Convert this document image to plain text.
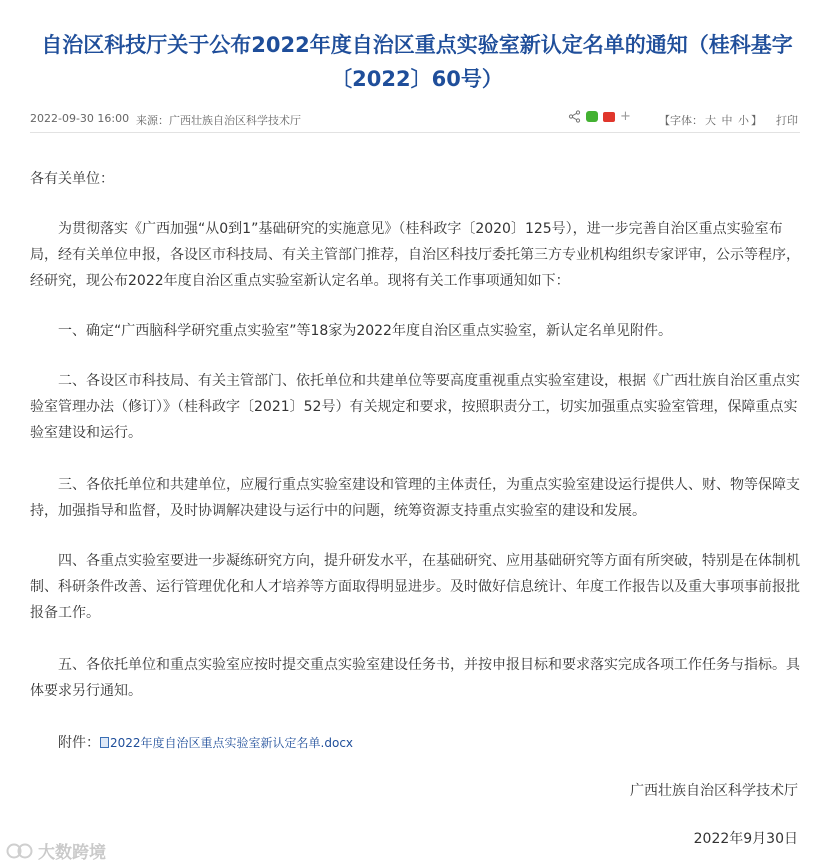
自治区科技厅关于公布2022年度自治区重点实验室新认定名单的通知（桂科基字〔2022〕60号）
2022-09-30 16:00 来源：广西壮族自治区科学技术厅	+	【字体： 大 中 小 】 打印

各有关单位：

为贯彻落实《广西加强“从0到1”基础研究的实施意见》（桂科政字〔2020〕125号），进一步完善自治区重点实验室布局，经有关单位申报，各设区市科技局、有关主管部门推荐，自治区科技厅委托第三方专业机构组织专家评审，公示等程序，经研究，现公布2022年度自治区重点实验室新认定名单。现将有关工作事项通知如下：

一、确定“广西脑科学研究重点实验室”等18家为2022年度自治区重点实验室，新认定名单见附件。

二、各设区市科技局、有关主管部门、依托单位和共建单位等要高度重视重点实验室建设，根据《广西壮族自治区重点实验室管理办法（修订）》（桂科政字〔2021〕52号）有关规定和要求，按照职责分工，切实加强重点实验室管理，保障重点实验室建设和运行。

三、各依托单位和共建单位，应履行重点实验室建设和管理的主体责任，为重点实验室建设运行提供人、财、物等保障支持，加强指导和监督，及时协调解决建设与运行中的问题，统筹资源支持重点实验室的建设和发展。

四、各重点实验室要进一步凝练研究方向，提升研发水平，在基础研究、应用基础研究等方面有所突破，特别是在体制机制、科研条件改善、运行管理优化和人才培养等方面取得明显进步。及时做好信息统计、年度工作报告以及重大事项事前报批报备工作。

五、各依托单位和重点实验室应按时提交重点实验室建设任务书，并按申报目标和要求落实完成各项工作任务与指标。具体要求另行通知。

附件： 2022年度自治区重点实验室新认定名单.docx
广西壮族自治区科学技术厅
2022年9月30日
大数跨境
